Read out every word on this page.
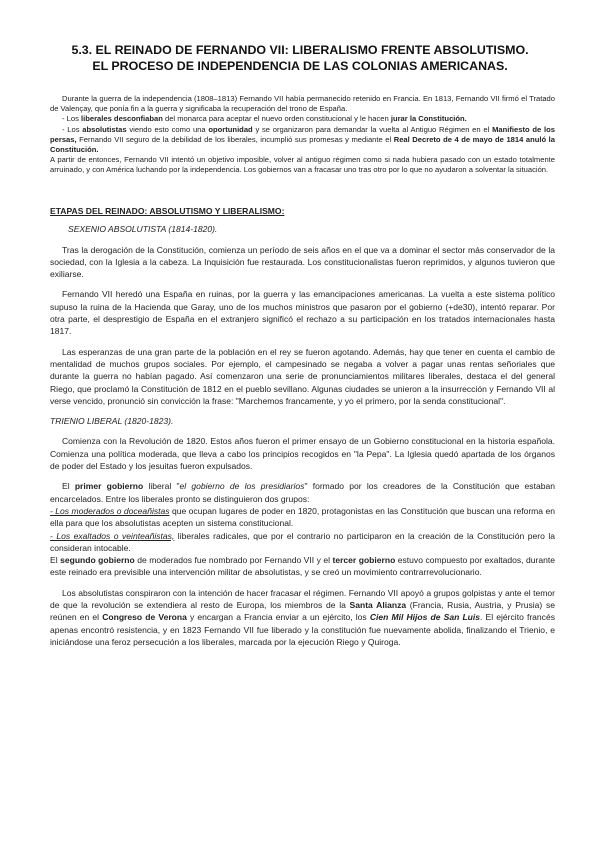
5.3. EL REINADO DE FERNANDO VII: LIBERALISMO FRENTE ABSOLUTISMO.
EL PROCESO DE INDEPENDENCIA DE LAS COLONIAS AMERICANAS.

Durante la guerra de la independencia (1808–1813) Fernando VII había permanecido retenido en Francia. En 1813, Fernando VII firmó el Tratado de Valençay, que ponía fin a la guerra y significaba la recuperación del trono de España.

- Los liberales desconfiaban del monarca para aceptar el nuevo orden constitucional y le hacen jurar la Constitución.

- Los absolutistas viendo esto como una oportunidad y se organizaron para demandar la vuelta al Antiguo Régimen en el Manifiesto de los persas, Fernando VII seguro de la debilidad de los liberales, incumplió sus promesas y mediante el Real Decreto de 4 de mayo de 1814 anuló la Constitución.

A partir de entonces, Fernando VII intentó un objetivo imposible, volver al antiguo régimen como si nada hubiera pasado con un estado totalmente arruinado, y con América luchando por la independencia. Los gobiernos van a fracasar uno tras otro por lo que no ayudaron a solventar la situación.

ETAPAS DEL REINADO: ABSOLUTISMO Y LIBERALISMO:

SEXENIO ABSOLUTISTA (1814-1820).

Tras la derogación de la Constitución, comienza un período de seis años en el que va a dominar el sector más conservador de la sociedad, con la Iglesia a la cabeza. La Inquisición fue restaurada. Los constitucionalistas fueron reprimidos, y algunos tuvieron que exiliarse.

Fernando VII heredó una España en ruinas, por la guerra y las emancipaciones americanas. La vuelta a este sistema político supuso la ruina de la Hacienda que Garay, uno de los muchos ministros que pasaron por el gobierno (+de30), intentó reparar. Por otra parte, el desprestigio de España en el extranjero significó el rechazo a su participación en los tratados internacionales hasta 1817.

Las esperanzas de una gran parte de la población en el rey se fueron agotando. Además, hay que tener en cuenta el cambio de mentalidad de muchos grupos sociales. Por ejemplo, el campesinado se negaba a volver a pagar unas rentas señoriales que durante la guerra no habían pagado. Así comenzaron una serie de pronunciamientos militares liberales, destaca el del general Riego, que proclamó la Constitución de 1812 en el pueblo sevillano. Algunas ciudades se unieron a la insurrección y Fernando VII al verse vencido, pronunció sin convicción la frase: "Marchemos francamente, y yo el primero, por la senda constitucional".

TRIENIO LIBERAL (1820-1823).

Comienza con la Revolución de 1820. Estos años fueron el primer ensayo de un Gobierno constitucional en la historia española. Comienza una política moderada, que lleva a cabo los principios recogidos en "la Pepa". La Iglesia quedó apartada de los órganos de poder del Estado y los jesuitas fueron expulsados.

El primer gobierno liberal "el gobierno de los presidiarios" formado por los creadores de la Constitución que estaban encarcelados. Entre los liberales pronto se distinguieron dos grupos:

- Los moderados o doceañistas que ocupan lugares de poder en 1820, protagonistas en las Constitución que buscan una reforma en ella para que los absolutistas acepten un sistema constitucional.

- Los exaltados o veinteañistas, liberales radicales, que por el contrario no participaron en la creación de la Constitución pero la consideran intocable.

El segundo gobierno de moderados fue nombrado por Fernando VII y el tercer gobierno estuvo compuesto por exaltados, durante este reinado era previsible una intervención militar de absolutistas, y se creó un movimiento contrarrevolucionario.

Los absolutistas conspiraron con la intención de hacer fracasar el régimen. Fernando VII apoyó a grupos golpistas y ante el temor de que la revolución se extendiera al resto de Europa, los miembros de la Santa Alianza (Francia, Rusia, Austria, y Prusia) se reúnen en el Congreso de Verona y encargan a Francia enviar a un ejército, los Cien Mil Hijos de San Luis. El ejército francés apenas encontró resistencia, y en 1823 Fernando VII fue liberado y la constitución fue nuevamente abolida, finalizando el Trienio, e iniciándose una feroz persecución a los liberales, marcada por la ejecución Riego y Quiroga.
